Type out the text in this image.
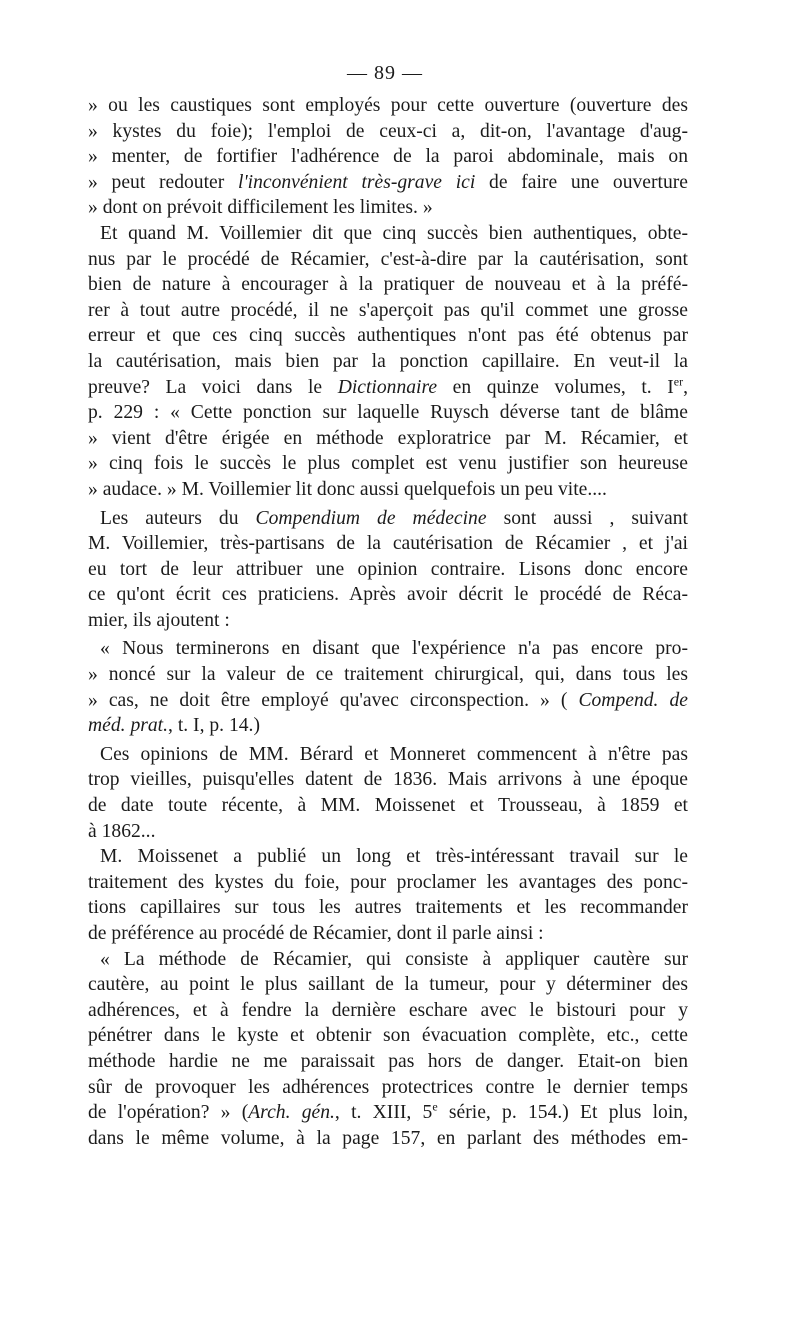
— 89 —
» ou les caustiques sont employés pour cette ouverture (ouverture des
» kystes du foie); l'emploi de ceux-ci a, dit-on, l'avantage d'aug-
» menter, de fortifier l'adhérence de la paroi abdominale, mais on
» peut redouter l'inconvénient très-grave ici de faire une ouverture
» dont on prévoit difficilement les limites. »
Et quand M. Voillemier dit que cinq succès bien authentiques, obte-
nus par le procédé de Récamier, c'est-à-dire par la cautérisation, sont
bien de nature à encourager à la pratiquer de nouveau et à la préfé-
rer à tout autre procédé, il ne s'aperçoit pas qu'il commet une grosse
erreur et que ces cinq succès authentiques n'ont pas été obtenus par
la cautérisation, mais bien par la ponction capillaire. En veut-il la
preuve? La voici dans le Dictionnaire en quinze volumes, t. Ier,
p. 229 : « Cette ponction sur laquelle Ruysch déverse tant de blâme
» vient d'être érigée en méthode exploratrice par M. Récamier, et
» cinq fois le succès le plus complet est venu justifier son heureuse
» audace. » M. Voillemier lit donc aussi quelquefois un peu vite....
Les auteurs du Compendium de médecine sont aussi , suivant
M. Voillemier, très-partisans de la cautérisation de Récamier , et j'ai
eu tort de leur attribuer une opinion contraire. Lisons donc encore
ce qu'ont écrit ces praticiens. Après avoir décrit le procédé de Réca-
mier, ils ajoutent :
« Nous terminerons en disant que l'expérience n'a pas encore pro-
» noncé sur la valeur de ce traitement chirurgical, qui, dans tous les
» cas, ne doit être employé qu'avec circonspection. » ( Compend. de
méd. prat., t. I, p. 14.)
Ces opinions de MM. Bérard et Monneret commencent à n'être pas
trop vieilles, puisqu'elles datent de 1836. Mais arrivons à une époque
de date toute récente, à MM. Moissenet et Trousseau, à 1859 et
à 1862...
M. Moissenet a publié un long et très-intéressant travail sur le
traitement des kystes du foie, pour proclamer les avantages des ponc-
tions capillaires sur tous les autres traitements et les recommander
de préférence au procédé de Récamier, dont il parle ainsi :
« La méthode de Récamier, qui consiste à appliquer cautère sur
cautère, au point le plus saillant de la tumeur, pour y déterminer des
adhérences, et à fendre la dernière eschare avec le bistouri pour y
pénétrer dans le kyste et obtenir son évacuation complète, etc., cette
méthode hardie ne me paraissait pas hors de danger. Etait-on bien
sûr de provoquer les adhérences protectrices contre le dernier temps
de l'opération? » (Arch. gén., t. XIII, 5e série, p. 154.) Et plus loin,
dans le même volume, à la page 157, en parlant des méthodes em-
